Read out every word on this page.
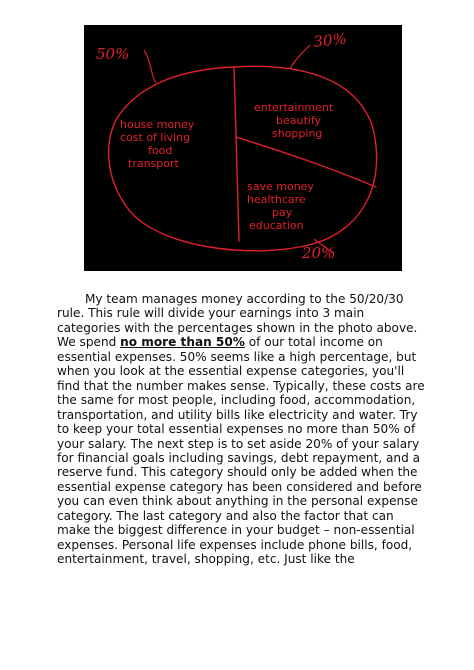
house money
cost of living
food
transport
entertainment
beautify
shopping
save money
healthcare
pay
education
50%
30%
20%

My team manages money according to the 50/20/30 rule. This rule will divide your earnings into 3 main categories with the percentages shown in the photo above. We spend no more than 50% of our total income on essential expenses. 50% seems like a high percentage, but when you look at the essential expense categories, you'll find that the number makes sense. Typically, these costs are the same for most people, including food, accommodation, transportation, and utility bills like electricity and water. Try to keep your total essential expenses no more than 50% of your salary. The next step is to set aside 20% of your salary for financial goals including savings, debt repayment, and a reserve fund. This category should only be added when the essential expense category has been considered and before you can even think about anything in the personal expense category. The last category and also the factor that can make the biggest difference in your budget – non-essential expenses. Personal life expenses include phone bills, food, entertainment, travel, shopping, etc. Just like the
